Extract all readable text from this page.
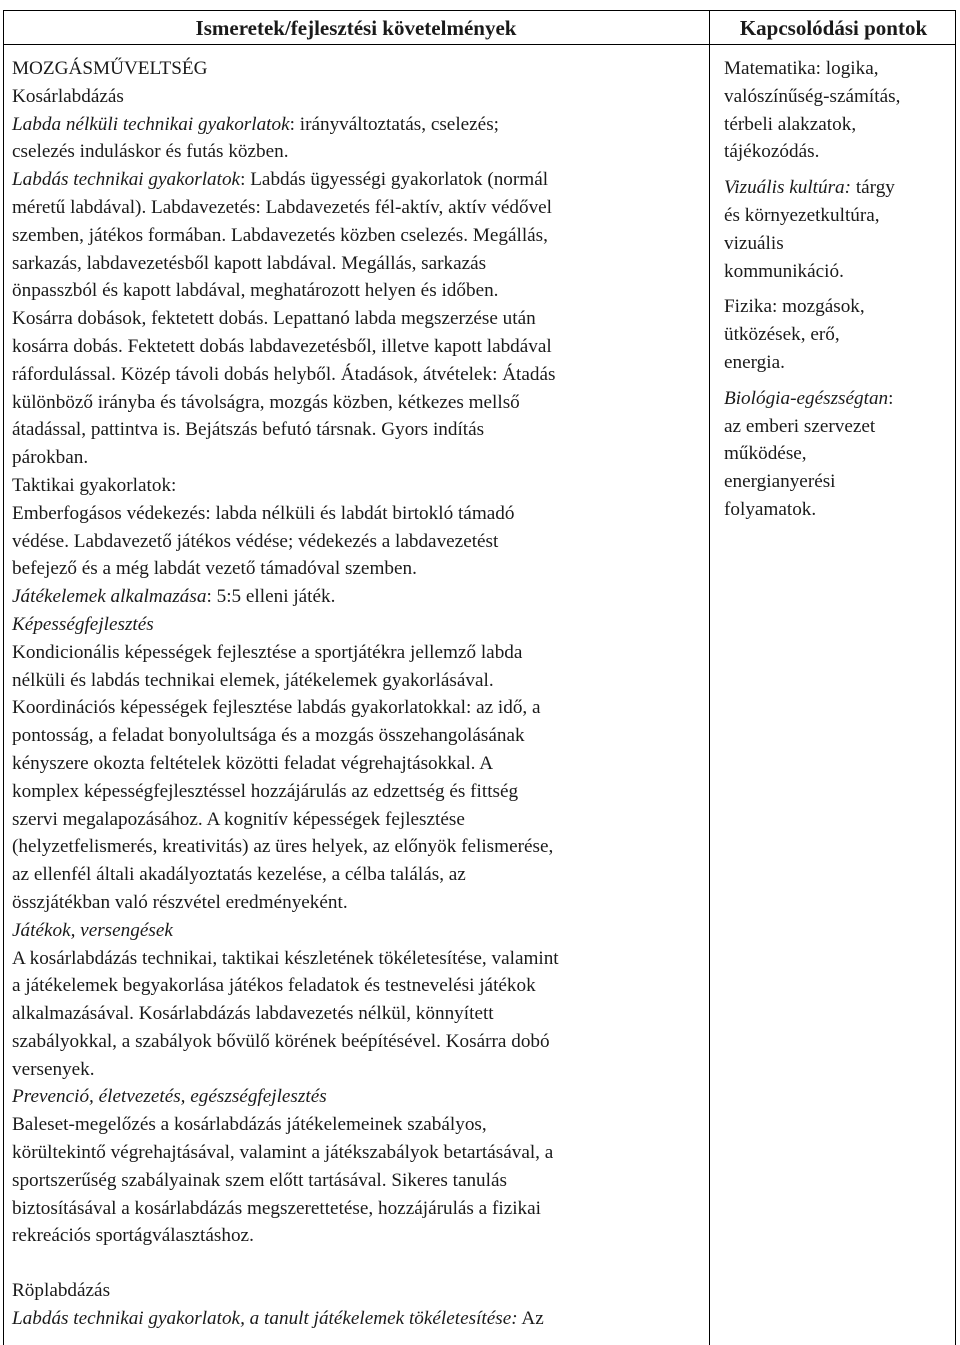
Ismeretek/fejlesztési követelmények	Kapcsolódási pontok
MOZGÁSMŰVELTSÉG
Kosárlabdázás
Labda nélküli technikai gyakorlatok: irányváltoztatás, cselezés;
cselezés induláskor és futás közben.
Labdás technikai gyakorlatok: Labdás ügyességi gyakorlatok (normál
méretű labdával). Labdavezetés: Labdavezetés fél-aktív, aktív védővel
szemben, játékos formában. Labdavezetés közben cselezés. Megállás,
sarkazás, labdavezetésből kapott labdával. Megállás, sarkazás
önpasszból és kapott labdával, meghatározott helyen és időben.
Kosárra dobások, fektetett dobás. Lepattanó labda megszerzése után
kosárra dobás. Fektetett dobás labdavezetésből, illetve kapott labdával
ráfordulással. Közép távoli dobás helyből. Átadások, átvételek: Átadás
különböző irányba és távolságra, mozgás közben, kétkezes mellső
átadással, pattintva is. Bejátszás befutó társnak. Gyors indítás
párokban.
Taktikai gyakorlatok:
Emberfogásos védekezés: labda nélküli és labdát birtokló támadó
védése. Labdavezető játékos védése; védekezés a labdavezetést
befejező és a még labdát vezető támadóval szemben.
Játékelemek alkalmazása: 5:5 elleni játék.
Képességfejlesztés
Kondicionális képességek fejlesztése a sportjátékra jellemző labda
nélküli és labdás technikai elemek, játékelemek gyakorlásával.
Koordinációs képességek fejlesztése labdás gyakorlatokkal: az idő, a
pontosság, a feladat bonyolultsága és a mozgás összehangolásának
kényszere okozta feltételek közötti feladat végrehajtásokkal. A
komplex képességfejlesztéssel hozzájárulás az edzettség és fittség
szervi megalapozásához. A kognitív képességek fejlesztése
(helyzetfelismerés, kreativitás) az üres helyek, az előnyök felismerése,
az ellenfél általi akadályoztatás kezelése, a célba találás, az
összjátékban való részvétel eredményeként.
Játékok, versengések
A kosárlabdázás technikai, taktikai készletének tökéletesítése, valamint
a játékelemek begyakorlása játékos feladatok és testnevelési játékok
alkalmazásával. Kosárlabdázás labdavezetés nélkül, könnyített
szabályokkal, a szabályok bővülő körének beépítésével. Kosárra dobó
versenyek.
Prevenció, életvezetés, egészségfejlesztés
Baleset-megelőzés a kosárlabdázás játékelemeinek szabályos,
körültekintő végrehajtásával, valamint a játékszabályok betartásával, a
sportszerűség szabályainak szem előtt tartásával. Sikeres tanulás
biztosításával a kosárlabdázás megszerettetése, hozzájárulás a fizikai
rekreációs sportágválasztáshoz.
Röplabdázás
Labdás technikai gyakorlatok, a tanult játékelemek tökéletesítése: Az
Matematika: logika,
valószínűség-számítás,
térbeli alakzatok,
tájékozódás.
Vizuális kultúra: tárgy
és környezetkultúra,
vizuális
kommunikáció.
Fizika: mozgások,
ütközések, erő,
energia.
Biológia-egészségtan:
az emberi szervezet
működése,
energianyerési
folyamatok.
